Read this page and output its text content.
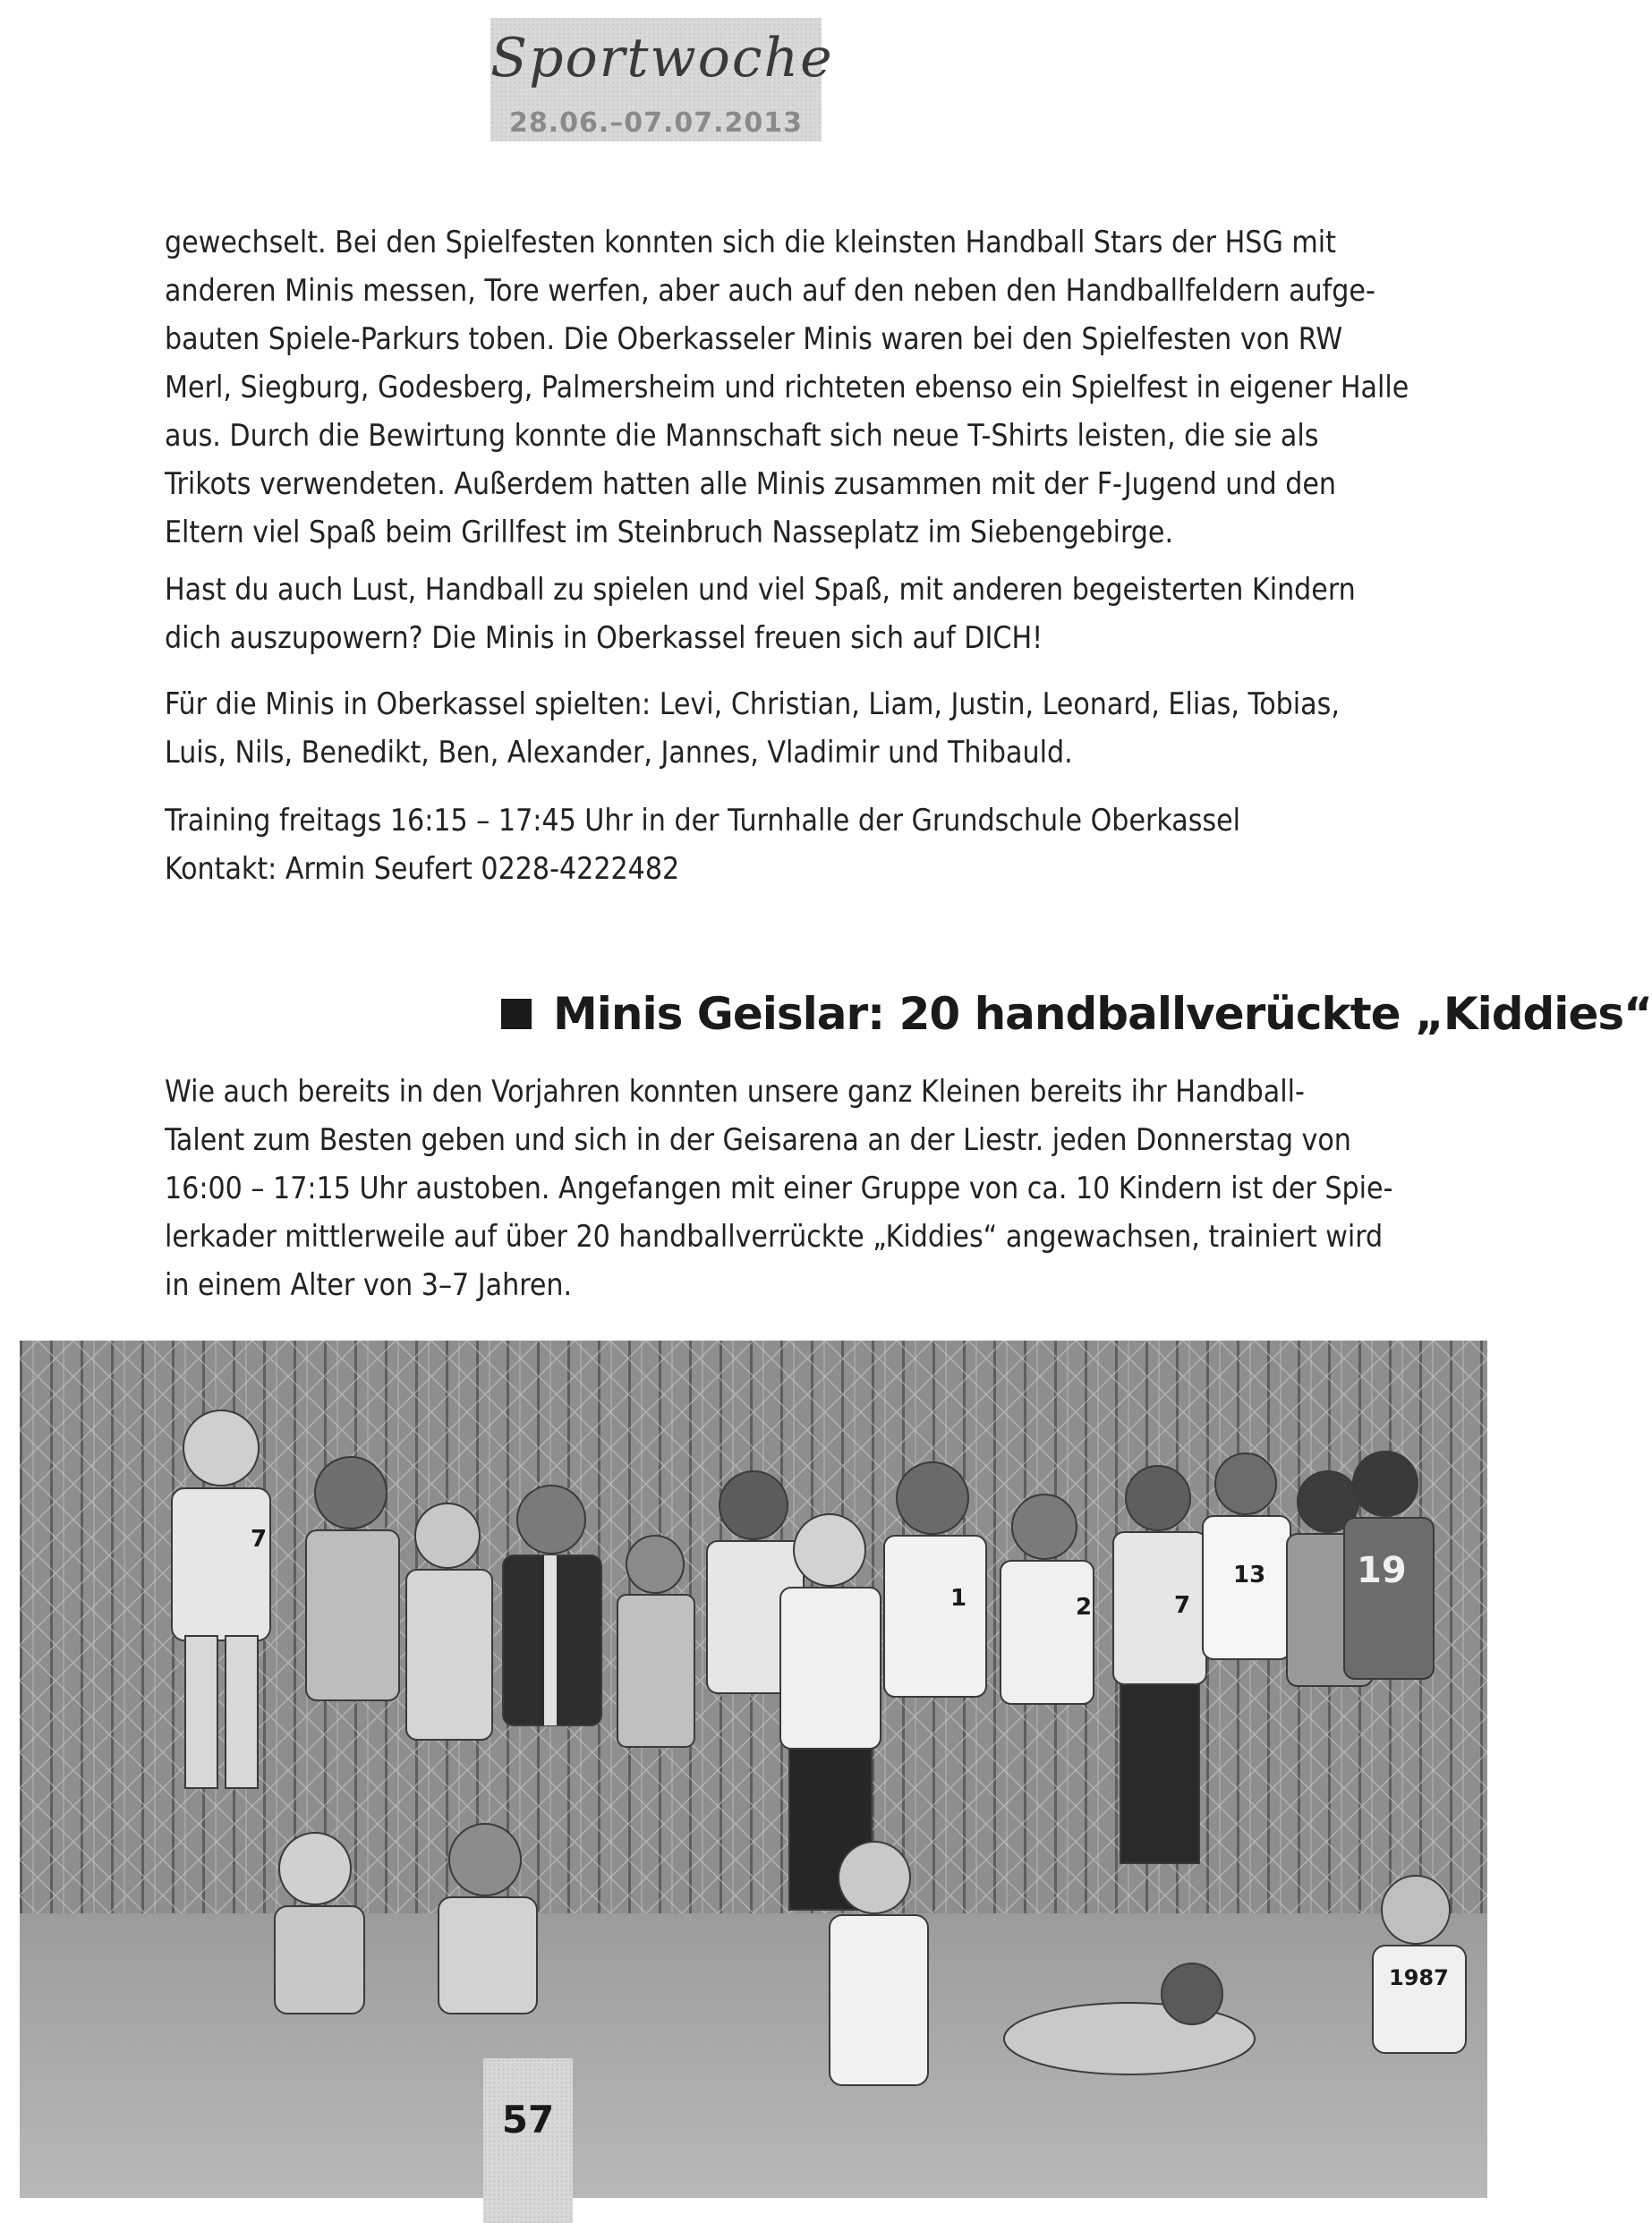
Sportwoche
28.06.–07.07.2013
gewechselt. Bei den Spielfesten konnten sich die kleinsten Handball Stars der HSG mit
anderen Minis messen, Tore werfen, aber auch auf den neben den Handballfeldern aufge-
bauten Spiele-Parkurs toben. Die Oberkasseler Minis waren bei den Spielfesten von RW
Merl, Siegburg, Godesberg, Palmersheim und richteten ebenso ein Spielfest in eigener Halle
aus. Durch die Bewirtung konnte die Mannschaft sich neue T-Shirts leisten, die sie als
Trikots verwendeten. Außerdem hatten alle Minis zusammen mit der F-Jugend und den
Eltern viel Spaß beim Grillfest im Steinbruch Nasseplatz im Siebengebirge.
Hast du auch Lust, Handball zu spielen und viel Spaß, mit anderen begeisterten Kindern
dich auszupowern? Die Minis in Oberkassel freuen sich auf DICH!
Für die Minis in Oberkassel spielten: Levi, Christian, Liam, Justin, Leonard, Elias, Tobias,
Luis, Nils, Benedikt, Ben, Alexander, Jannes, Vladimir und Thibauld.
Training freitags 16:15 – 17:45 Uhr in der Turnhalle der Grundschule Oberkassel
Kontakt: Armin Seufert 0228-4222482
Minis Geislar: 20 handballverückte „Kiddies“
Wie auch bereits in den Vorjahren konnten unsere ganz Kleinen bereits ihr Handball-
Talent zum Besten geben und sich in der Geisarena an der Liestr. jeden Donnerstag von
16:00 – 17:15 Uhr austoben. Angefangen mit einer Gruppe von ca. 10 Kindern ist der Spie-
lerkader mittlerweile auf über 20 handballverrückte „Kiddies“ angewachsen, trainiert wird
in einem Alter von 3–7 Jahren.
7
1	2	7
13	19
1987
57
